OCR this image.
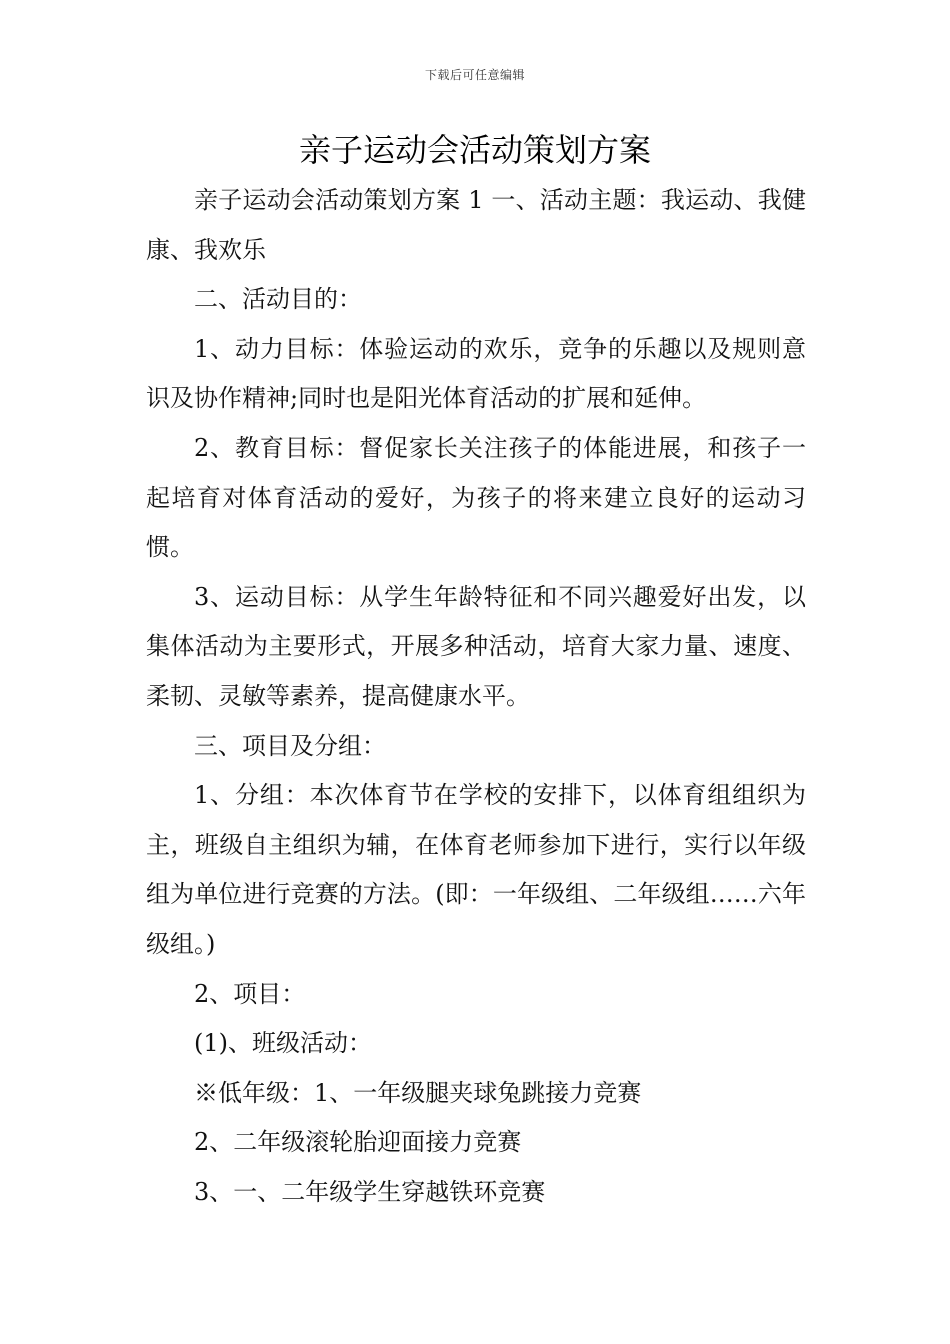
下载后可任意编辑
亲子运动会活动策划方案

亲子运动会活动策划方案 1 一、活动主题：我运动、我健康、我欢乐

二、活动目的：

1、动力目标：体验运动的欢乐，竞争的乐趣以及规则意识及协作精神;同时也是阳光体育活动的扩展和延伸。

2、教育目标：督促家长关注孩子的体能进展，和孩子一起培育对体育活动的爱好，为孩子的将来建立良好的运动习惯。

3、运动目标：从学生年龄特征和不同兴趣爱好出发，以集体活动为主要形式，开展多种活动，培育大家力量、速度、柔韧、灵敏等素养，提高健康水平。

三、项目及分组：

1、分组：本次体育节在学校的安排下，以体育组组织为主，班级自主组织为辅，在体育老师参加下进行，实行以年级组为单位进行竞赛的方法。(即：一年级组、二年级组……六年级组。)

2、项目：

(1)、班级活动：

※低年级：1、一年级腿夹球兔跳接力竞赛

2、二年级滚轮胎迎面接力竞赛

3、一、二年级学生穿越铁环竞赛
